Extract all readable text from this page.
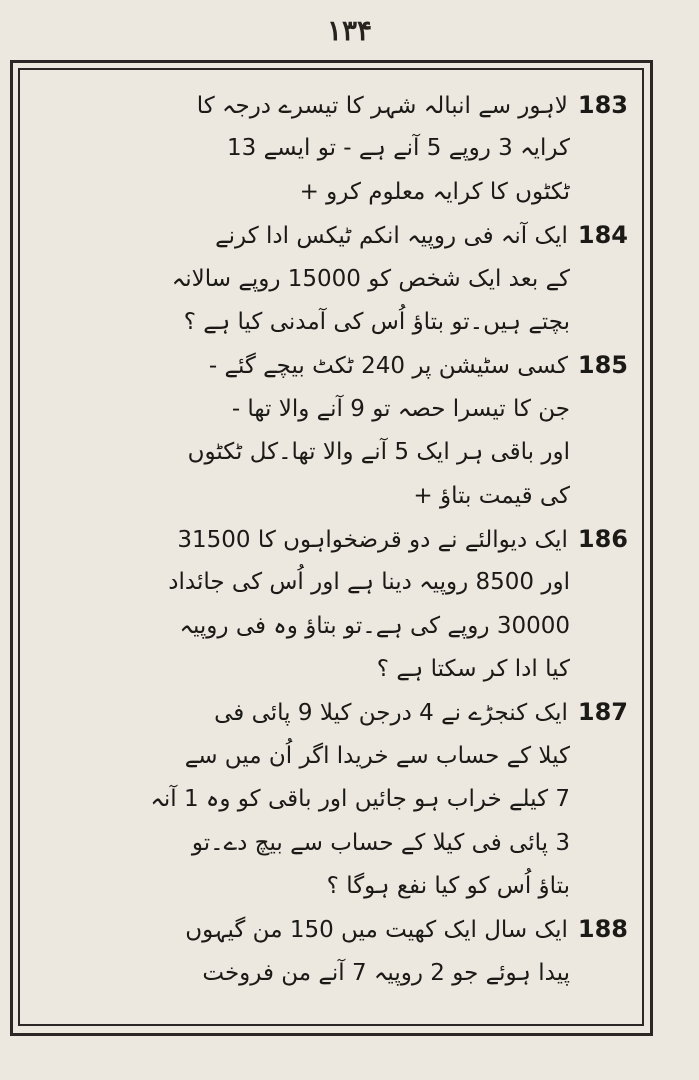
۱۳۴
183لاہور سے انبالہ شہر کا تیسرے درجہ کا
کرایہ 3 روپے 5 آنے ہے - تو ایسے 13
ٹکٹوں کا کرایہ معلوم کرو +
184ایک آنہ فی روپیہ انکم ٹیکس ادا کرنے
کے بعد ایک شخص کو 15000 روپے سالانہ
بچتے ہیں۔تو بتاؤ اُس کی آمدنی کیا ہے ؟
185کسی سٹیشن پر 240 ٹکٹ بیچے گئے -
جن کا تیسرا حصہ تو 9 آنے والا تھا -
اور باقی ہر ایک 5 آنے والا تھا۔کل ٹکٹوں
کی قیمت بتاؤ +
186ایک دیوالئے نے دو قرضخواہوں کا 31500
اور 8500 روپیہ دینا ہے اور اُس کی جائداد
30000 روپے کی ہے۔تو بتاؤ وہ فی روپیہ
کیا ادا کر سکتا ہے ؟
187ایک کنجڑے نے 4 درجن کیلا 9 پائی فی
کیلا کے حساب سے خریدا اگر اُن میں سے
7 کیلے خراب ہو جائیں اور باقی کو وہ 1 آنہ
3 پائی فی کیلا کے حساب سے بیچ دے۔تو
بتاؤ اُس کو کیا نفع ہوگا ؟
188ایک سال ایک کھیت میں 150 من گیہوں
پیدا ہوئے جو 2 روپیہ 7 آنے من فروخت
